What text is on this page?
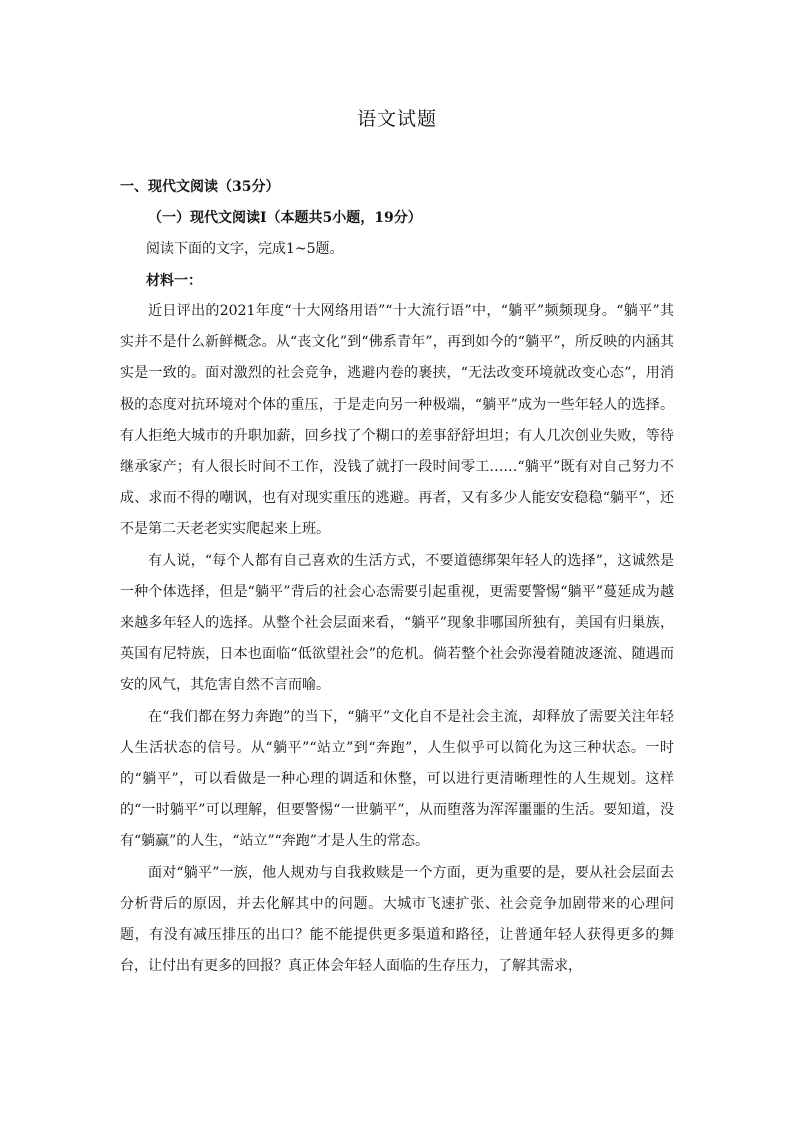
语文试题
一、现代文阅读（35分）
（一）现代文阅读Ⅰ（本题共5小题，19分）
阅读下面的文字，完成1~5题。
材料一：

近日评出的2021年度“十大网络用语”“十大流行语”中，“躺平”频频现身。“躺平”其实并不是什么新鲜概念。从“丧文化”到“佛系青年”，再到如今的“躺平”，所反映的内涵其实是一致的。面对激烈的社会竞争，逃避内卷的裹挟，“无法改变环境就改变心态”，用消极的态度对抗环境对个体的重压，于是走向另一种极端，“躺平”成为一些年轻人的选择。有人拒绝大城市的升职加薪，回乡找了个糊口的差事舒舒坦坦；有人几次创业失败，等待继承家产；有人很长时间不工作，没钱了就打一段时间零工……“躺平”既有对自己努力不成、求而不得的嘲讽，也有对现实重压的逃避。再者，又有多少人能安安稳稳“躺平”，还不是第二天老老实实爬起来上班。

有人说，“每个人都有自己喜欢的生活方式，不要道德绑架年轻人的选择”，这诚然是一种个体选择，但是“躺平”背后的社会心态需要引起重视，更需要警惕“躺平”蔓延成为越来越多年轻人的选择。从整个社会层面来看，“躺平”现象非哪国所独有，美国有归巢族，英国有尼特族，日本也面临“低欲望社会”的危机。倘若整个社会弥漫着随波逐流、随遇而安的风气，其危害自然不言而喻。

在“我们都在努力奔跑”的当下，“躺平”文化自不是社会主流，却释放了需要关注年轻人生活状态的信号。从“躺平”“站立”到“奔跑”，人生似乎可以简化为这三种状态。一时的“躺平”，可以看做是一种心理的调适和休整，可以进行更清晰理性的人生规划。这样的“一时躺平”可以理解，但要警惕“一世躺平”，从而堕落为浑浑噩噩的生活。要知道，没有“躺赢”的人生，“站立”“奔跑”才是人生的常态。

面对“躺平”一族，他人规劝与自我救赎是一个方面，更为重要的是，要从社会层面去分析背后的原因，并去化解其中的问题。大城市飞速扩张、社会竞争加剧带来的心理问题，有没有减压排压的出口？能不能提供更多渠道和路径，让普通年轻人获得更多的舞台，让付出有更多的回报？真正体会年轻人面临的生存压力，了解其需求，
